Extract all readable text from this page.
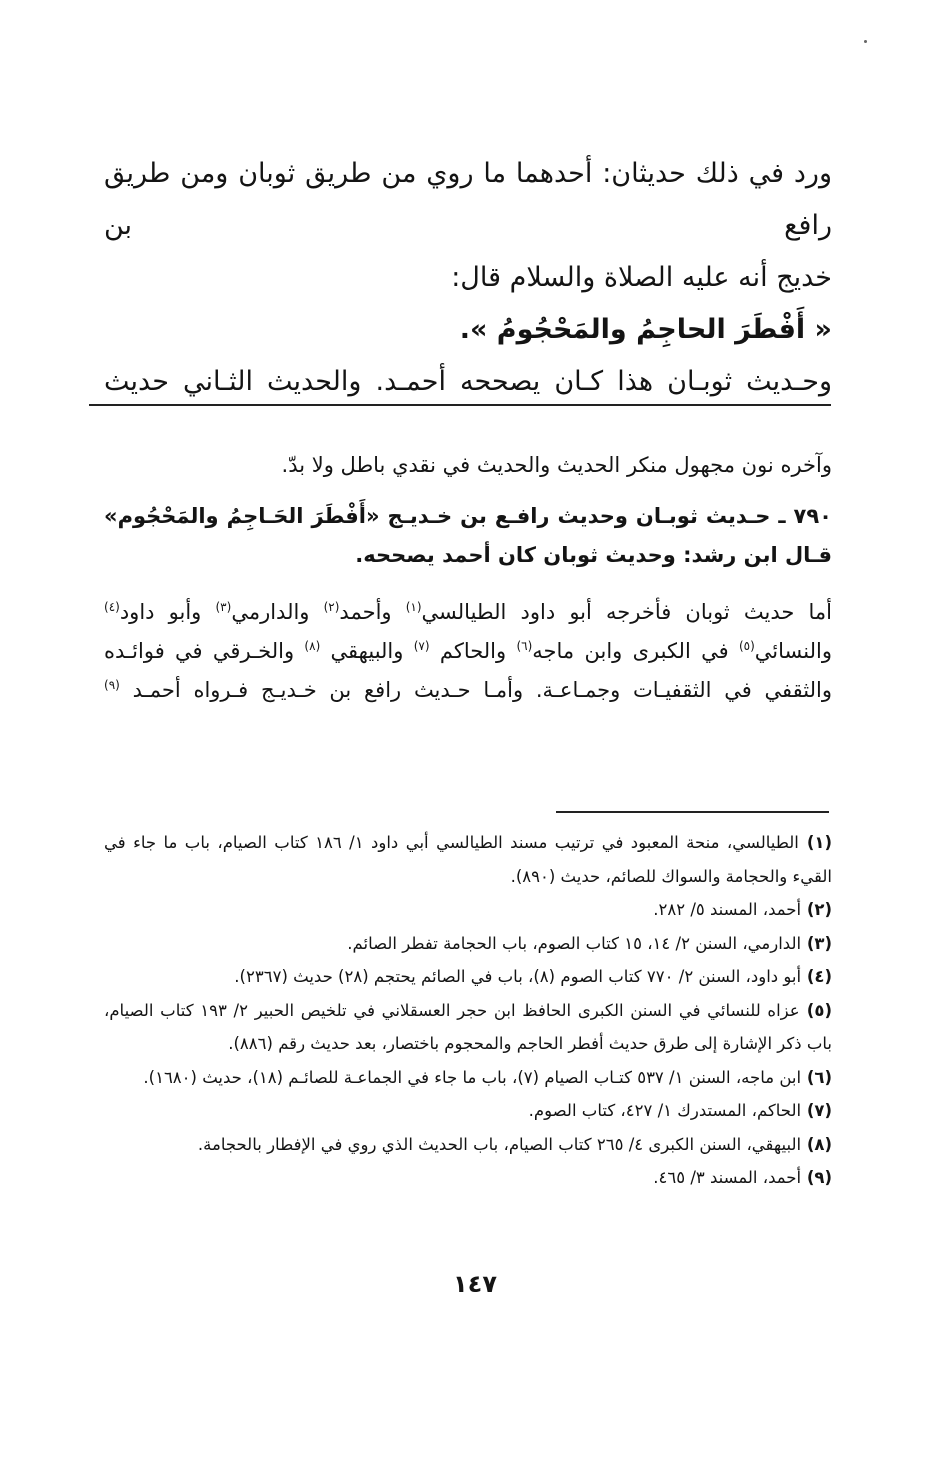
ورد في ذلك حديثان: أحدهما ما روي من طريق ثوبان ومن طريق رافع بن

خديج أنه عليه الصلاة والسلام قال:

« أَفْطَرَ الحاجِمُ والمَحْجُومُ ».

وحـديث ثوبـان هذا كـان يصححه أحمـد. والحديث الثـاني حديث

وآخره نون مجهول منكر الحديث والحديث في نقدي باطل ولا بدّ.

٧٩٠ ـ حـديث ثوبـان وحديث رافـع بن خـديـج «أَفْطَرَ الحَـاجِمُ والمَحْجُوم» قـال ابن رشد: وحديث ثوبان كان أحمد يصححه.

أما حديث ثوبان فأخرجه أبو داود الطيالسي$^{(١)}$ وأحمد$^{(٢)}$ والدارمي$^{(٣)}$ وأبو داود$^{(٤)}$ والنسائي$^{(٥)}$ في الكبرى وابن ماجه$^{(٦)}$ والحاكم $^{(٧)}$ والبيهقي $^{(٨)}$ والخـرقي في فوائـده والثقفي في الثقفيـات وجمـاعـة. وأمـا حـديث رافع بن خـديـج فـرواه أحمـد $^{(٩)}$

(١) الطيالسي، منحة المعبود في ترتيب مسند الطيالسي أبي داود ١/ ١٨٦ كتاب الصيام، باب ما جاء في القيء والحجامة والسواك للصائم، حديث (٨٩٠).

(٢) أحمد، المسند ٥/ ٢٨٢.

(٣) الدارمي، السنن ٢/ ١٤، ١٥ كتاب الصوم، باب الحجامة تفطر الصائم.

(٤) أبو داود، السنن ٢/ ٧٧٠ كتاب الصوم (٨)، باب في الصائم يحتجم (٢٨) حديث (٢٣٦٧).

(٥) عزاه للنسائي في السنن الكبرى الحافظ ابن حجر العسقلاني في تلخيص الحبير ٢/ ١٩٣ كتاب الصيام، باب ذكر الإشارة إلى طرق حديث أفطر الحاجم والمحجوم باختصار، بعد حديث رقم (٨٨٦).

(٦) ابن ماجه، السنن ١/ ٥٣٧ كتـاب الصيام (٧)، باب ما جاء في الجماعـة للصائـم (١٨)، حديث (١٦٨٠).

(٧) الحاكم، المستدرك ١/ ٤٢٧، كتاب الصوم.

(٨) البيهقي، السنن الكبرى ٤/ ٢٦٥ كتاب الصيام، باب الحديث الذي روي في الإفطار بالحجامة.

(٩) أحمد، المسند ٣/ ٤٦٥.

١٤٧
